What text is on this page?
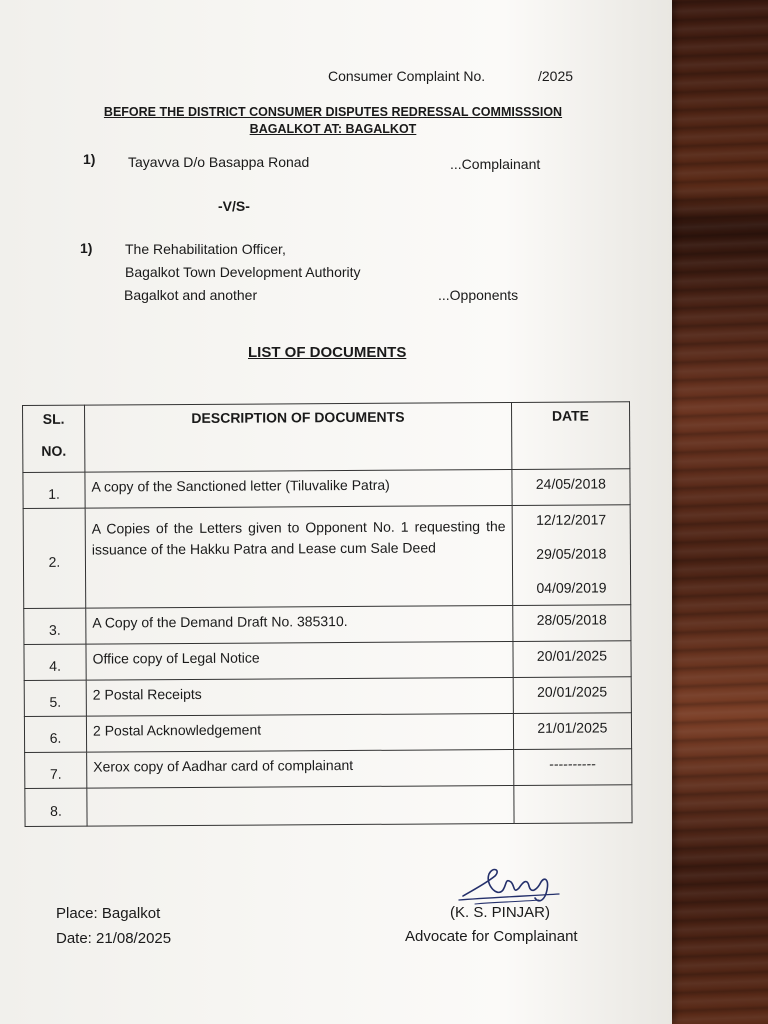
Consumer Complaint No.	/2025
BEFORE THE DISTRICT CONSUMER DISPUTES REDRESSAL COMMISSSION
BAGALKOT AT: BAGALKOT
1) Tayavva D/o Basappa Ronad	...Complainant
-V/S-
1) The Rehabilitation Officer,
Bagalkot Town Development Authority
Bagalkot and another	...Opponents
LIST OF DOCUMENTS
SL.
NO.	DESCRIPTION OF DOCUMENTS	DATE
1.	A copy of the Sanctioned letter (Tiluvalike Patra)	24/05/2018

2.	A Copies of the Letters given to Opponent No. 1 requesting the issuance of the Hakku Patra and Lease cum Sale Deed	12/12/2017
29/05/2018
04/09/2019

3.	A Copy of the Demand Draft No. 385310.	28/05/2018

4.	Office copy of Legal Notice	20/01/2025

5.	2 Postal Receipts	20/01/2025

6.	2 Postal Acknowledgement	21/01/2025

7.	Xerox copy of Aadhar card of complainant	----------

8.		
Place: Bagalkot
Date: 21/08/2025
(K. S. PINJAR)
Advocate for Complainant
